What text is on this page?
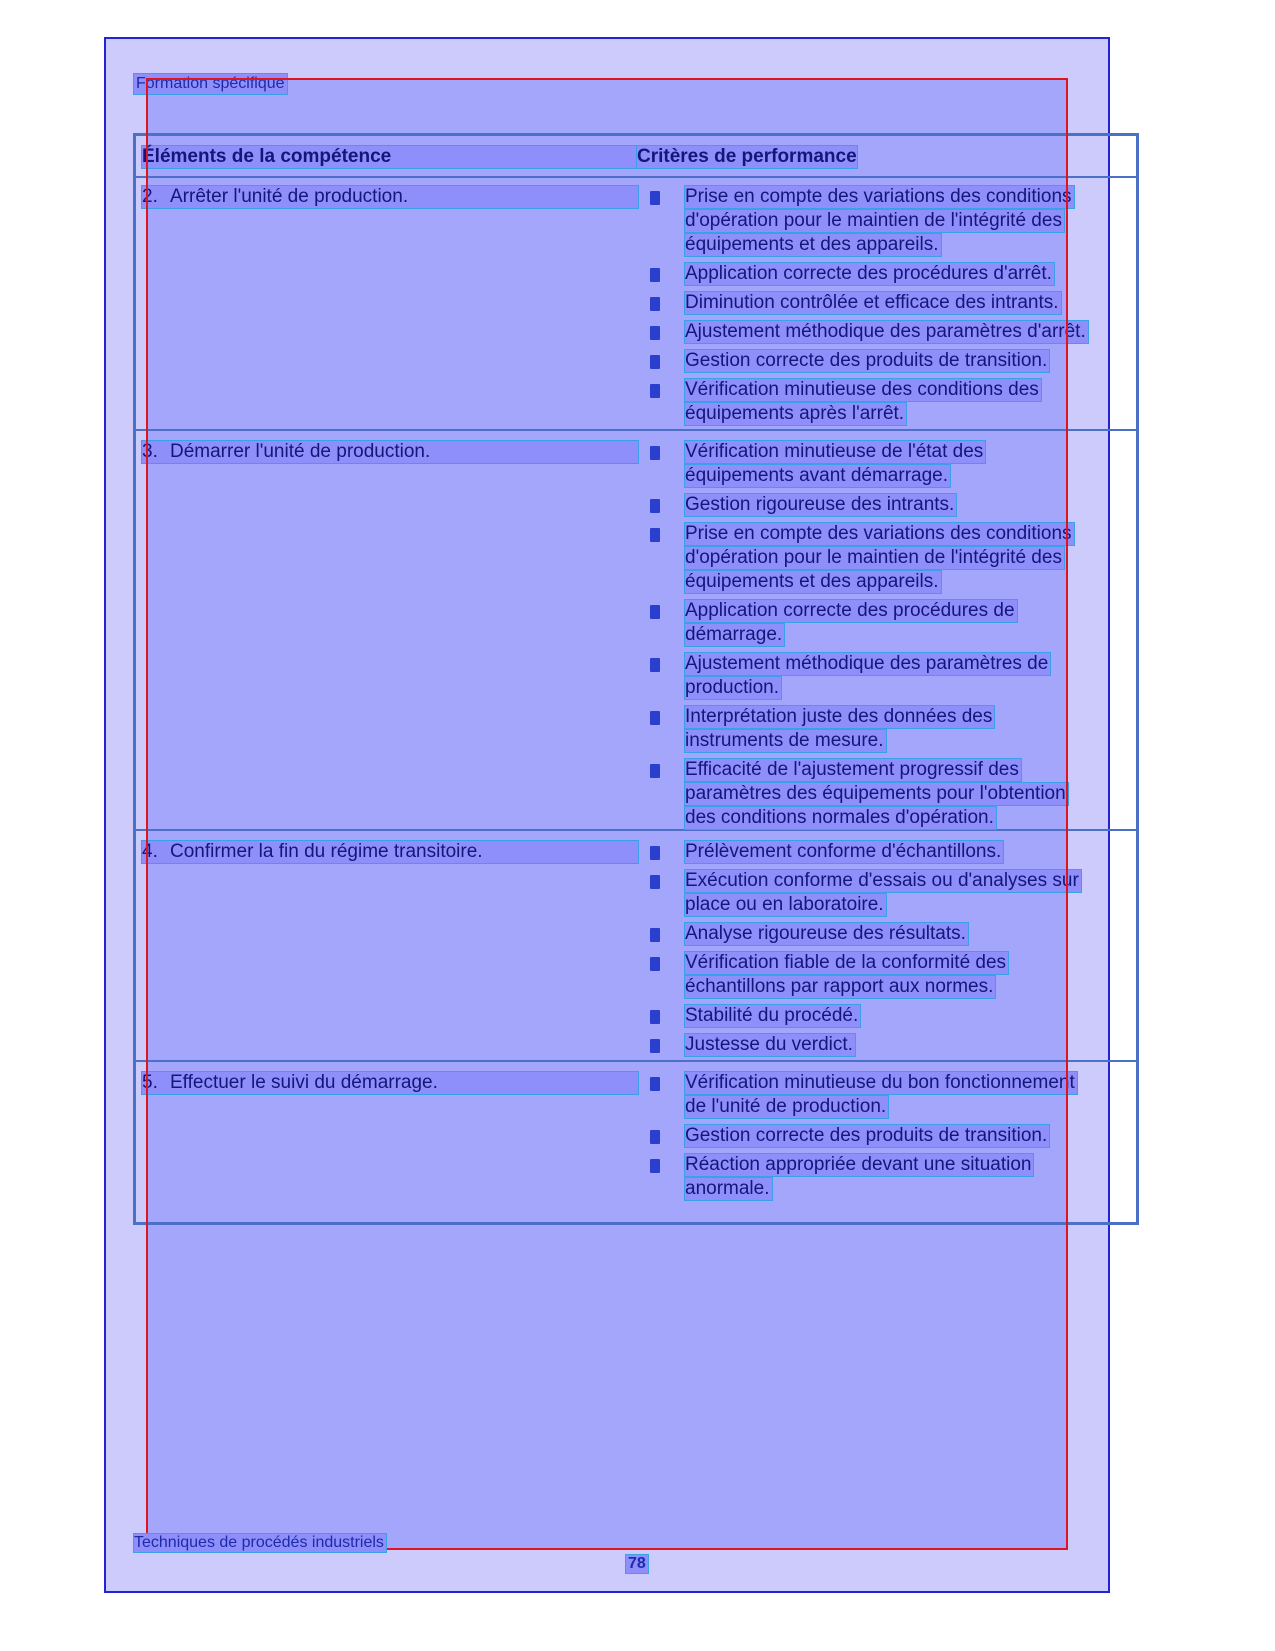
Formation spécifique
Éléments de la compétence	Critères de performance
2. Arrêter l'unité de production.	Prise en compte des variations des conditions
d'opération pour le maintien de l'intégrité des
équipements et des appareils.
Application correcte des procédures d'arrêt.
Diminution contrôlée et efficace des intrants.
Ajustement méthodique des paramètres d'arrêt.
Gestion correcte des produits de transition.
Vérification minutieuse des conditions des
équipements après l'arrêt.
3. Démarrer l'unité de production.	Vérification minutieuse de l'état des
équipements avant démarrage.
Gestion rigoureuse des intrants.
Prise en compte des variations des conditions
d'opération pour le maintien de l'intégrité des
équipements et des appareils.
Application correcte des procédures de
démarrage.
Ajustement méthodique des paramètres de
production.
Interprétation juste des données des
instruments de mesure.
Efficacité de l'ajustement progressif des
paramètres des équipements pour l'obtention
des conditions normales d'opération.
4. Confirmer la fin du régime transitoire.	Prélèvement conforme d'échantillons.
Exécution conforme d'essais ou d'analyses sur
place ou en laboratoire.
Analyse rigoureuse des résultats.
Vérification fiable de la conformité des
échantillons par rapport aux normes.
Stabilité du procédé.
Justesse du verdict.
5. Effectuer le suivi du démarrage.	Vérification minutieuse du bon fonctionnement
de l'unité de production.
Gestion correcte des produits de transition.
Réaction appropriée devant une situation
anormale.
Techniques de procédés industriels
78
